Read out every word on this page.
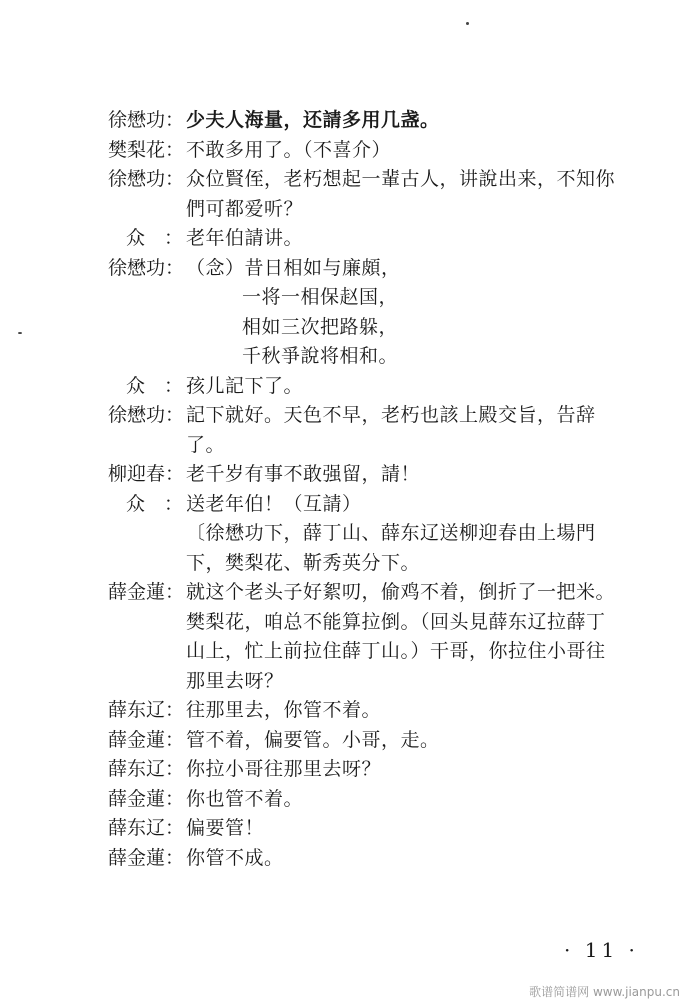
徐懋功： 少夫人海量，还請多用几盏。
樊梨花： 不敢多用了。（不喜介）
徐懋功： 众位賢侄，老朽想起一輩古人，讲說出来，不知你
們可都爱听？
众　： 老年伯請讲。
徐懋功： （念）昔日相如与廉頗，
一将一相保赵国，
相如三次把路躲，
千秋爭說将相和。
众　： 孩儿記下了。
徐懋功： 記下就好。天色不早，老朽也該上殿交旨，告辞
了。
柳迎春： 老千岁有事不敢强留，請！
众　： 送老年伯！（互請）
〔徐懋功下，薛丁山、薛东辽送柳迎春由上場門
下，樊梨花、靳秀英分下。
薛金蓮： 就这个老头子好絮叨，偷鸡不着，倒折了一把米。
樊梨花，咱总不能算拉倒。（回头見薛东辽拉薛丁
山上，忙上前拉住薛丁山。）干哥，你拉住小哥往
那里去呀？
薛东辽： 往那里去，你管不着。
薛金蓮： 管不着，偏要管。小哥，走。
薛东辽： 你拉小哥往那里去呀？
薛金蓮： 你也管不着。
薛东辽： 偏要管！
薛金蓮： 你管不成。
· 11 ·
歌谱简谱网 www.jianpu.cn
